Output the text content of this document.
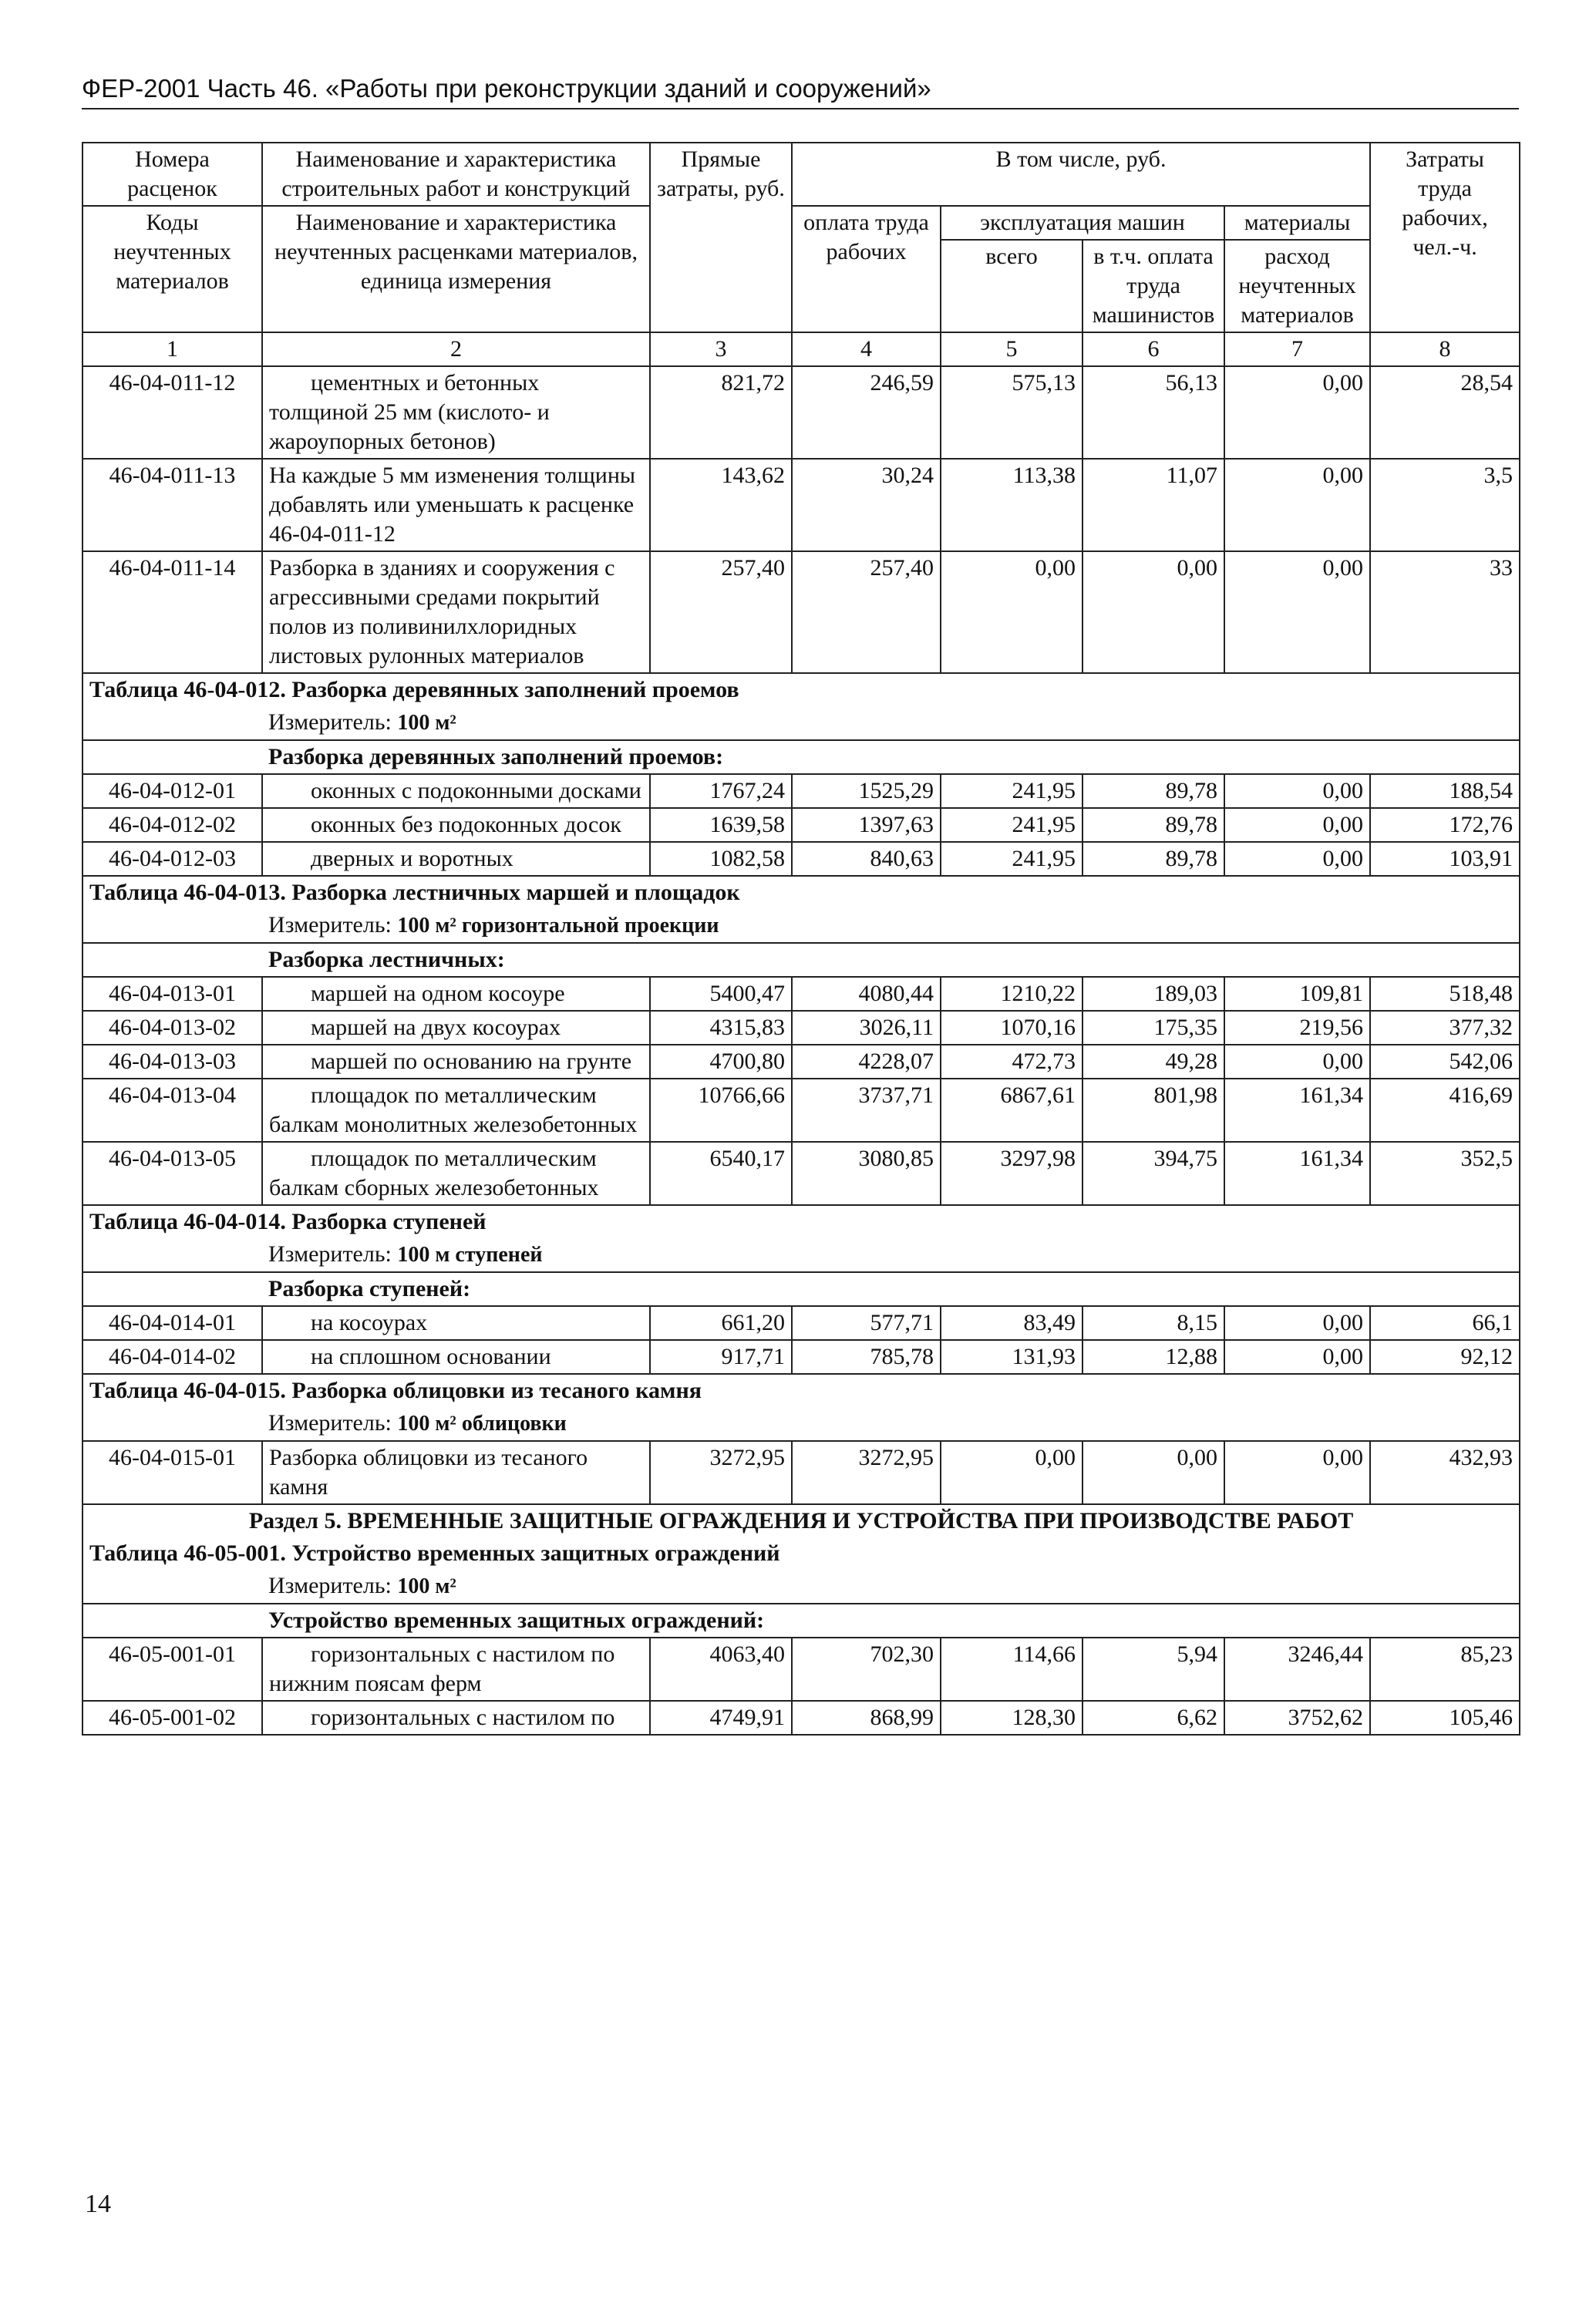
ФЕР-2001 Часть 46. «Работы при реконструкции зданий и сооружений»
Номера расценок	Наименование и характеристика строительных работ и конструкций	Прямые затраты, руб.	В том числе, руб.				Затраты труда рабочих, чел.-ч.
Коды неучтенных материалов	Наименование и характеристика неучтенных расценками материалов, единица измерения		оплата труда рабочих	эксплуатация машин		материалы	
				всего	в т.ч. оплата труда машинистов	расход неучтенных материалов	

1	2	3	4	5	6	7	8
46-04-011-12	цементных и бетонных толщиной 25 мм (кислото- и жароупорных бетонов)	821,72	246,59	575,13	56,13	0,00	28,54
46-04-011-13	На каждые 5 мм изменения толщины добавлять или уменьшать к расценке 46-04-011-12	143,62	30,24	113,38	11,07	0,00	3,5
46-04-011-14	Разборка в зданиях и сооружения с агрессивными средами покрытий полов из поливинилхлоридных листовых рулонных материалов	257,40	257,40	0,00	0,00	0,00	33
Таблица 46-04-012. Разборка деревянных заполнений проемов							
	Измеритель: 100 м²						
	Разборка деревянных заполнений проемов:						
46-04-012-01	оконных с подоконными досками	1767,24	1525,29	241,95	89,78	0,00	188,54
46-04-012-02	оконных без подоконных досок	1639,58	1397,63	241,95	89,78	0,00	172,76
46-04-012-03	дверных и воротных	1082,58	840,63	241,95	89,78	0,00	103,91
Таблица 46-04-013. Разборка лестничных маршей и площадок							
	Измеритель: 100 м² горизонтальной проекции						
	Разборка лестничных:						
46-04-013-01	маршей на одном косоуре	5400,47	4080,44	1210,22	189,03	109,81	518,48
46-04-013-02	маршей на двух косоурах	4315,83	3026,11	1070,16	175,35	219,56	377,32
46-04-013-03	маршей по основанию на грунте	4700,80	4228,07	472,73	49,28	0,00	542,06
46-04-013-04	площадок по металлическим балкам монолитных железобетонных	10766,66	3737,71	6867,61	801,98	161,34	416,69
46-04-013-05	площадок по металлическим балкам сборных железобетонных	6540,17	3080,85	3297,98	394,75	161,34	352,5
Таблица 46-04-014. Разборка ступеней							
	Измеритель: 100 м ступеней						
	Разборка ступеней:						
46-04-014-01	на косоурах	661,20	577,71	83,49	8,15	0,00	66,1
46-04-014-02	на сплошном основании	917,71	785,78	131,93	12,88	0,00	92,12
Таблица 46-04-015. Разборка облицовки из тесаного камня							
	Измеритель: 100 м² облицовки						
46-04-015-01	Разборка облицовки из тесаного камня	3272,95	3272,95	0,00	0,00	0,00	432,93
Раздел 5. ВРЕМЕННЫЕ ЗАЩИТНЫЕ ОГРАЖДЕНИЯ И УСТРОЙСТВА ПРИ ПРОИЗВОДСТВЕ РАБОТ							
Таблица 46-05-001. Устройство временных защитных ограждений							
	Измеритель: 100 м²						
	Устройство временных защитных ограждений:						
46-05-001-01	горизонтальных с настилом по нижним поясам ферм	4063,40	702,30	114,66	5,94	3246,44	85,23
46-05-001-02	горизонтальных с настилом по	4749,91	868,99	128,30	6,62	3752,62	105,46
14
